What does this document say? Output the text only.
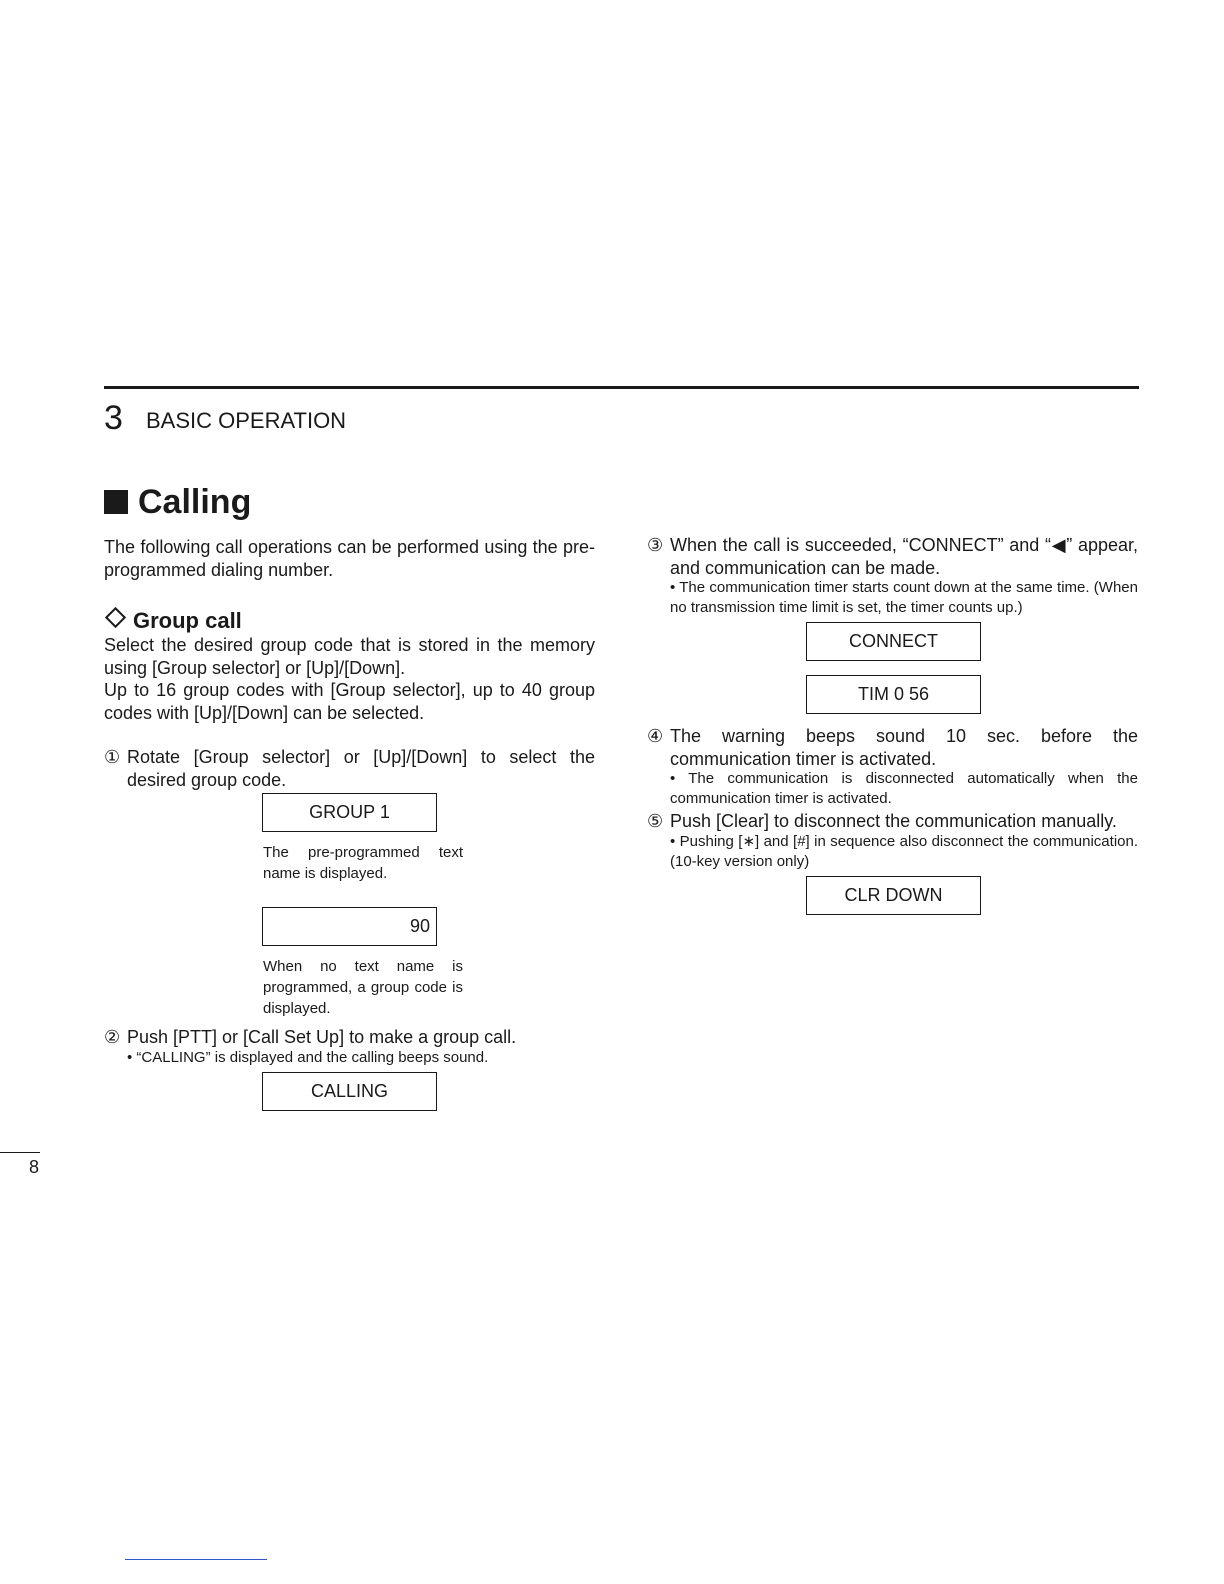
3 BASIC OPERATION
Calling
The following call operations can be performed using the pre-programmed dialing number.
Group call
Select the desired group code that is stored in the memory using [Group selector] or [Up]/[Down].
Up to 16 group codes with [Group selector], up to 40 group codes with [Up]/[Down] can be selected.
① Rotate [Group selector] or [Up]/[Down] to select the desired group code.
GROUP 1
The pre-programmed text name is displayed.
90
When no text name is programmed, a group code is displayed.
② Push [PTT] or [Call Set Up] to make a group call.
• “CALLING” is displayed and the calling beeps sound.
CALLING
③ When the call is succeeded, “CONNECT” and “◀” appear, and communication can be made.
• The communication timer starts count down at the same time. (When no transmission time limit is set, the timer counts up.)
CONNECT
TIM 0 56
④ The warning beeps sound 10 sec. before the communication timer is activated.
• The communication is disconnected automatically when the communication timer is activated.
⑤ Push [Clear] to disconnect the communication manually.
• Pushing [∗] and [#] in sequence also disconnect the communication. (10-key version only)
CLR DOWN
8
